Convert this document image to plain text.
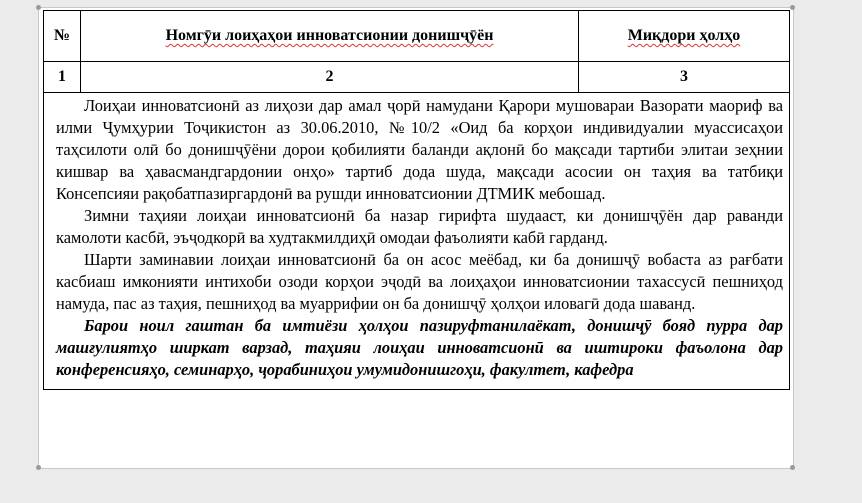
№	Номгӯи лоиҳаҳои инноватсионии донишҷӯён	Миқдори ҳолҳо
1	2	3

Лоиҳаи инноватсионӣ аз лиҳози дар амал ҷорӣ намудани Қарори мушовараи Вазорати маориф ва илми Ҷумҳурии Тоҷикистон аз 30.06.2010, №10/2 «Оид ба корҳои индивидуалии муассисаҳои таҳсилоти олӣ бо донишҷӯёни дорои қобилияти баланди ақлонӣ бо мақсади тартиби элитаи зеҳнии кишвар ва ҳавасмандгардонии онҳо» тартиб дода шуда, мақсади асосии он таҳия ва татбиқи Консепсияи рақобатпазиргардонӣ ва рушди инноватсионии ДТМИК мебошад.

Зимни таҳияи лоиҳаи инноватсионӣ ба назар гирифта шудааст, ки донишҷӯён дар раванди камолоти касбӣ, эъҷодкорӣ ва худтакмилдиҳӣ омодаи фаъолияти кабӣ гарданд.

Шарти заминавии лоиҳаи инноватсионӣ ба он асос меёбад, ки ба донишҷӯ вобаста аз рағбати касбиаш имконияти интихоби озоди корҳои эҷодӣ ва лоиҳаҳои инноватсионии тахассусӣ пешниҳод намуда, пас аз таҳия, пешниҳод ва муаррифии он ба донишҷӯ ҳолҳои иловагӣ дода шаванд.

Барои ноил гаштан ба имтиёзи ҳолҳои пазируфтанилаёкат, донишҷӯ бояд пурра дар машғулиятҳо ширкат варзад, таҳияи лоиҳаи инноватсионӣ ва иштироки фаъолона дар конференсияҳо, семинарҳо, ҷорабиниҳои умумидонишгоҳи, факултет, кафедра		
